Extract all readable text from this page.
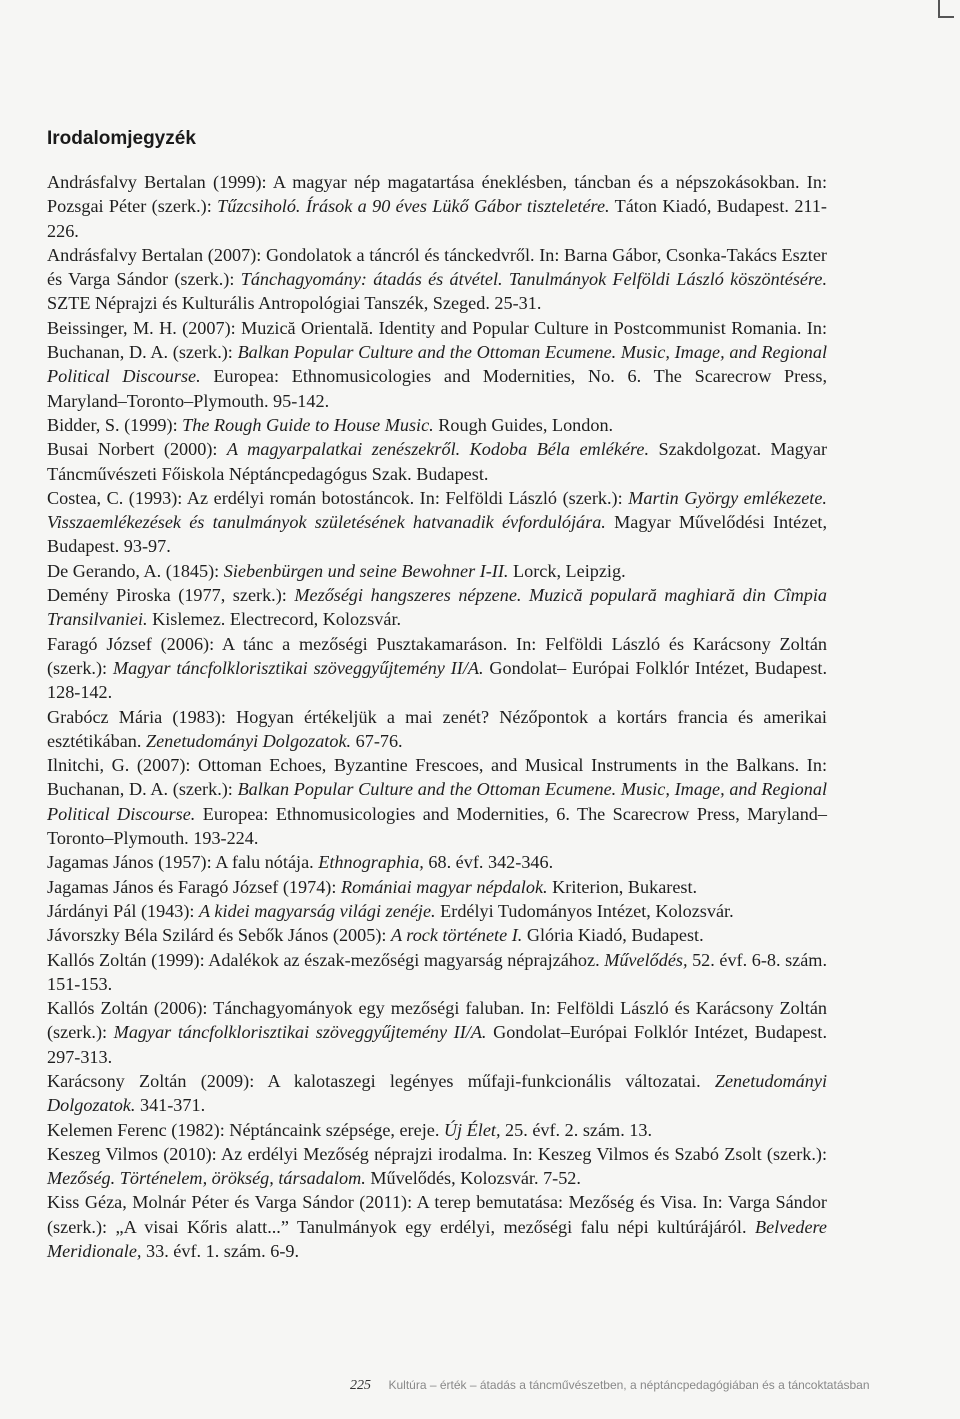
Irodalomjegyzék
Andrásfalvy Bertalan (1999): A magyar nép magatartása éneklésben, táncban és a népszokásokban. In: Pozsgai Péter (szerk.): Tűzcsiholó. Írások a 90 éves Lükő Gábor tiszteletére. Táton Kiadó, Budapest. 211-226.
Andrásfalvy Bertalan (2007): Gondolatok a táncról és tánckedvről. In: Barna Gábor, Csonka-Takács Eszter és Varga Sándor (szerk.): Tánchagyomány: átadás és átvétel. Tanulmányok Felföldi László köszöntésére. SZTE Néprajzi és Kulturális Antropológiai Tanszék, Szeged. 25-31.
Beissinger, M. H. (2007): Muzică Orientală. Identity and Popular Culture in Postcommunist Romania. In: Buchanan, D. A. (szerk.): Balkan Popular Culture and the Ottoman Ecumene. Music, Image, and Regional Political Discourse. Europea: Ethnomusicologies and Modernities, No. 6. The Scarecrow Press, Maryland–Toronto–Plymouth. 95-142.
Bidder, S. (1999): The Rough Guide to House Music. Rough Guides, London.
Busai Norbert (2000): A magyarpalatkai zenészekről. Kodoba Béla emlékére. Szakdolgozat. Magyar Táncművészeti Főiskola Néptáncpedagógus Szak. Budapest.
Costea, C. (1993): Az erdélyi román botostáncok. In: Felföldi László (szerk.): Martin György emlékezete. Visszaemlékezések és tanulmányok születésének hatvanadik évfordulójára. Magyar Művelődési Intézet, Budapest. 93-97.
De Gerando, A. (1845): Siebenbürgen und seine Bewohner I-II. Lorck, Leipzig.
Demény Piroska (1977, szerk.): Mezőségi hangszeres népzene. Muzică populară maghiară din Cîmpia Transilvaniei. Kislemez. Electrecord, Kolozsvár.
Faragó József (2006): A tánc a mezőségi Pusztakamaráson. In: Felföldi László és Karácsony Zoltán (szerk.): Magyar táncfolklorisztikai szöveggyűjtemény II/A. Gondolat– Európai Folklór Intézet, Budapest. 128-142.
Grabócz Mária (1983): Hogyan értékeljük a mai zenét? Nézőpontok a kortárs francia és amerikai esztétikában. Zenetudományi Dolgozatok. 67-76.
Ilnitchi, G. (2007): Ottoman Echoes, Byzantine Frescoes, and Musical Instruments in the Balkans. In: Buchanan, D. A. (szerk.): Balkan Popular Culture and the Ottoman Ecumene. Music, Image, and Regional Political Discourse. Europea: Ethnomusicologies and Modernities, 6. The Scarecrow Press, Maryland–Toronto–Plymouth. 193-224.
Jagamas János (1957): A falu nótája. Ethnographia, 68. évf. 342-346.
Jagamas János és Faragó József (1974): Romániai magyar népdalok. Kriterion, Bukarest.
Járdányi Pál (1943): A kidei magyarság világi zenéje. Erdélyi Tudományos Intézet, Kolozsvár.
Jávorszky Béla Szilárd és Sebők János (2005): A rock története I. Glória Kiadó, Budapest.
Kallós Zoltán (1999): Adalékok az észak-mezőségi magyarság néprajzához. Művelődés, 52. évf. 6-8. szám. 151-153.
Kallós Zoltán (2006): Tánchagyományok egy mezőségi faluban. In: Felföldi László és Karácsony Zoltán (szerk.): Magyar táncfolklorisztikai szöveggyűjtemény II/A. Gondolat–Európai Folklór Intézet, Budapest. 297-313.
Karácsony Zoltán (2009): A kalotaszegi legényes műfaji-funkcionális változatai. Zenetudományi Dolgozatok. 341-371.
Kelemen Ferenc (1982): Néptáncaink szépsége, ereje. Új Élet, 25. évf. 2. szám. 13.
Keszeg Vilmos (2010): Az erdélyi Mezőség néprajzi irodalma. In: Keszeg Vilmos és Szabó Zsolt (szerk.): Mezőség. Történelem, örökség, társadalom. Művelődés, Kolozsvár. 7-52.
Kiss Géza, Molnár Péter és Varga Sándor (2011): A terep bemutatása: Mezőség és Visa. In: Varga Sándor (szerk.): „A visai Kőris alatt...” Tanulmányok egy erdélyi, mezőségi falu népi kultúrájáról. Belvedere Meridionale, 33. évf. 1. szám. 6-9.
225 Kultúra – érték – átadás a táncművészetben, a néptáncpedagógiában és a táncoktatásban
